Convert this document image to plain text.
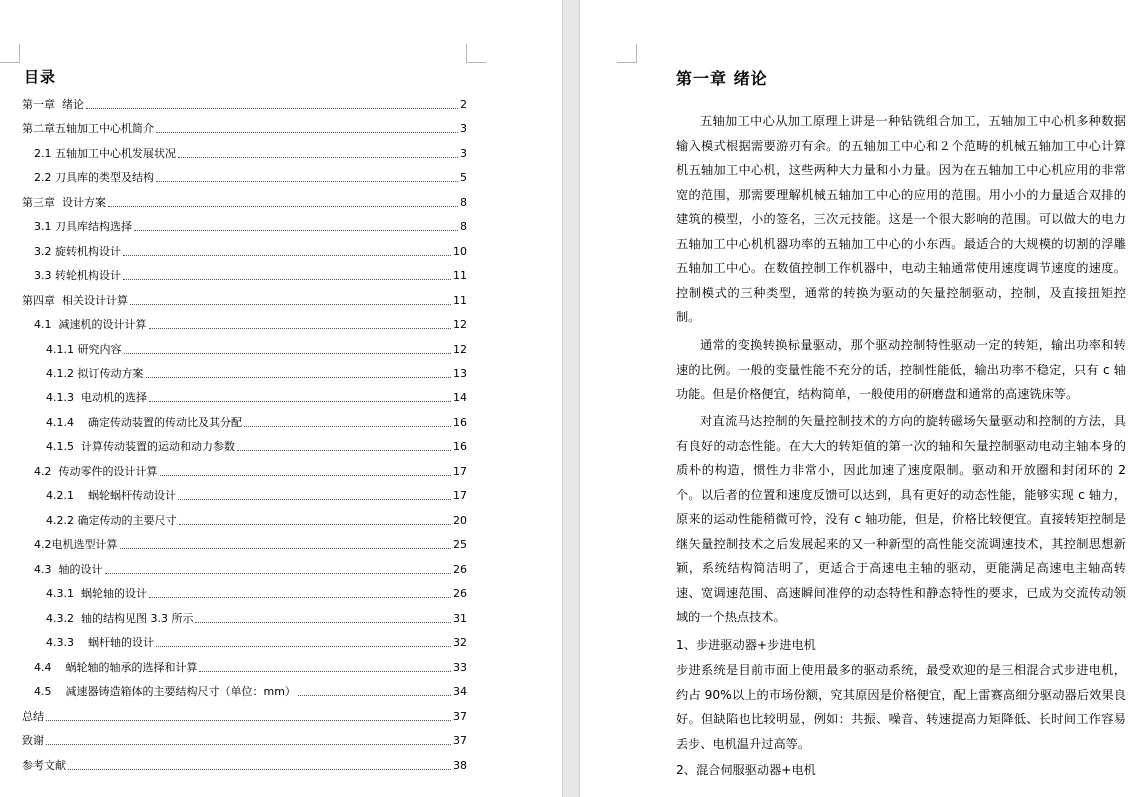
目录
第一章  绪论	2
第二章五轴加工中心机简介	3
2.1 五轴加工中心机发展状况	3
2.2 刀具库的类型及结构	5
第三章  设计方案	8
3.1 刀具库结构选择	8
3.2 旋转机构设计	10
3.3 转轮机构设计	11
第四章  相关设计计算	11
4.1  减速机的设计计算	12
4.1.1 研究内容	12
4.1.2 拟订传动方案	13
4.1.3  电动机的选择	14
4.1.4    确定传动装置的传动比及其分配	16
4.1.5  计算传动装置的运动和动力参数	16
4.2  传动零件的设计计算	17
4.2.1    蜗轮蜗杆传动设计	17
4.2.2 确定传动的主要尺寸	20
4.2电机选型计算	25
4.3  轴的设计	26
4.3.1  蜗轮轴的设计	26
4.3.2  轴的结构见图 3.3 所示	31
4.3.3    蜗杆轴的设计	32
4.4    蜗轮轴的轴承的选择和计算	33
4.5    减速器铸造箱体的主要结构尺寸（单位：mm）	34
总结	37
致谢	37
参考文献	38
第一章 绪论

五轴加工中心从加工原理上讲是一种钻铣组合加工，五轴加工中心机多种数据输入模式根据需要游刃有余。的五轴加工中心和２个范畴的机械五轴加工中心计算机五轴加工中心机，这些两种大力量和小力量。因为在五轴加工中心机应用的非常宽的范围，那需要理解机械五轴加工中心的应用的范围。用小小的力量适合双排的建筑的模型，小的签名，三次元技能。这是一个很大影响的范围。可以做大的电力五轴加工中心机机器功率的五轴加工中心的小东西。最适合的大规模的切割的浮雕五轴加工中心。在数值控制工作机器中，电动主轴通常使用速度调节速度的速度。控制模式的三种类型，通常的转换为驱动的矢量控制驱动，控制，及直接扭矩控制。

通常的变换转换标量驱动，那个驱动控制特性驱动一定的转矩，输出功率和转速的比例。一般的变量性能不充分的话，控制性能低，输出功率不稳定，只有 c 轴功能。但是价格便宜，结构简单，一般使用的研磨盘和通常的高速铣床等。

对直流马达控制的矢量控制技术的方向的旋转磁场矢量驱动和控制的方法，具有良好的动态性能。在大大的转矩值的第一次的轴和矢量控制驱动电动主轴本身的质朴的构造，惯性力非常小，因此加速了速度限制。驱动和开放圈和封闭环的 2 个。以后者的位置和速度反馈可以达到，具有更好的动态性能，能够实现 c 轴力，原来的运动性能稍微可怜，没有 c 轴功能，但是，价格比较便宜。直接转矩控制是继矢量控制技术之后发展起来的又一种新型的高性能交流调速技术，其控制思想新颖，系统结构简洁明了，更适合于高速电主轴的驱动，更能满足高速电主轴高转速、宽调速范围、高速瞬间准停的动态特性和静态特性的要求，已成为交流传动领域的一个热点技术。

1、步进驱动器+步进电机

步进系统是目前市面上使用最多的驱动系统，最受欢迎的是三相混合式步进电机，约占 90%以上的市场份额，究其原因是价格便宜，配上雷赛高细分驱动器后效果良好。但缺陷也比较明显，例如：共振、噪音、转速提高力矩降低、长时间工作容易丢步、电机温升过高等。

2、混合伺服驱动器+电机
